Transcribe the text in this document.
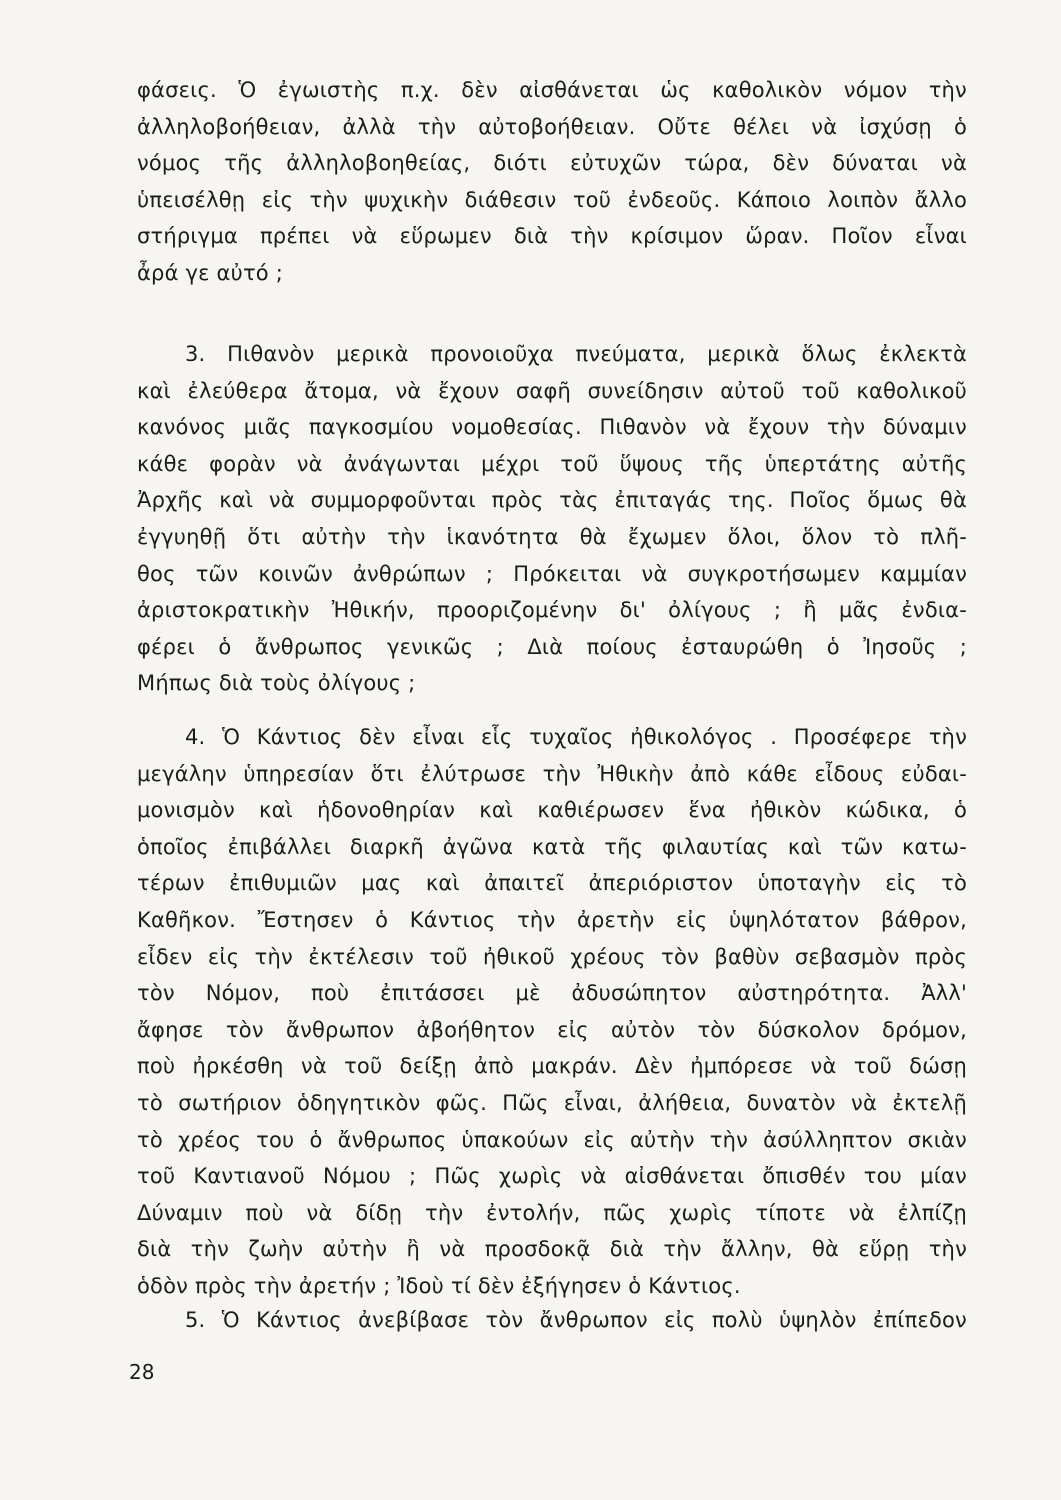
φάσεις. Ὁ ἐγωιστὴς π.χ. δὲν αἰσθάνεται ὡς καθολικὸν νόμον τὴν
ἀλληλοβοήθειαν, ἀλλὰ τὴν αὐτοβοήθειαν. Οὔτε θέλει νὰ ἰσχύσῃ ὁ
νόμος τῆς ἀλληλοβοηθείας, διότι εὐτυχῶν τώρα, δὲν δύναται νὰ
ὑπεισέλθῃ εἰς τὴν ψυχικὴν διάθεσιν τοῦ ἐνδεοῦς. Κάποιο λοιπὸν ἄλλο
στήριγμα πρέπει νὰ εὕρωμεν διὰ τὴν κρίσιμον ὥραν. Ποῖον εἶναι
ἆρά γε αὐτό ;
3. Πιθανὸν μερικὰ προνοιοῦχα πνεύματα, μερικὰ ὅλως ἐκλεκτὰ
καὶ ἐλεύθερα ἄτομα, νὰ ἔχουν σαφῆ συνείδησιν αὐτοῦ τοῦ καθολικοῦ
κανόνος μιᾶς παγκοσμίου νομοθεσίας. Πιθανὸν νὰ ἔχουν τὴν δύναμιν
κάθε φορὰν νὰ ἀνάγωνται μέχρι τοῦ ὕψους τῆς ὑπερτάτης αὐτῆς
Ἀρχῆς καὶ νὰ συμμορφοῦνται πρὸς τὰς ἐπιταγάς της. Ποῖος ὅμως θὰ
ἐγγυηθῇ ὅτι αὐτὴν τὴν ἱκανότητα θὰ ἔχωμεν ὅλοι, ὅλον τὸ πλῆ-
θος τῶν κοινῶν ἀνθρώπων ; Πρόκειται νὰ συγκροτήσωμεν καμμίαν
ἀριστοκρατικὴν Ἠθικήν, προοριζομένην δι' ὀλίγους ; ἢ μᾶς ἐνδια-
φέρει ὁ ἄνθρωπος γενικῶς ; Διὰ ποίους ἐσταυρώθη ὁ Ἰησοῦς ;
Μήπως διὰ τοὺς ὀλίγους ;
4. Ὁ Κάντιος δὲν εἶναι εἷς τυχαῖος ἠθικολόγος . Προσέφερε τὴν
μεγάλην ὑπηρεσίαν ὅτι ἐλύτρωσε τὴν Ἠθικὴν ἀπὸ κάθε εἶδους εὐδαι-
μονισμὸν καὶ ἡδονοθηρίαν καὶ καθιέρωσεν ἕνα ἠθικὸν κώδικα, ὁ
ὁποῖος ἐπιβάλλει διαρκῆ ἀγῶνα κατὰ τῆς φιλαυτίας καὶ τῶν κατω-
τέρων ἐπιθυμιῶν μας καὶ ἀπαιτεῖ ἀπεριόριστον ὑποταγὴν εἰς τὸ
Καθῆκον. Ἔστησεν ὁ Κάντιος τὴν ἀρετὴν εἰς ὑψηλότατον βάθρον,
εἶδεν εἰς τὴν ἐκτέλεσιν τοῦ ἠθικοῦ χρέους τὸν βαθὺν σεβασμὸν πρὸς
τὸν Νόμον, ποὺ ἐπιτάσσει μὲ ἀδυσώπητον αὐστηρότητα. Ἀλλ'
ἄφησε τὸν ἄνθρωπον ἀβοήθητον εἰς αὐτὸν τὸν δύσκολον δρόμον,
ποὺ ἠρκέσθη νὰ τοῦ δείξῃ ἀπὸ μακράν. Δὲν ἠμπόρεσε νὰ τοῦ δώσῃ
τὸ σωτήριον ὁδηγητικὸν φῶς. Πῶς εἶναι, ἀλήθεια, δυνατὸν νὰ ἐκτελῇ
τὸ χρέος του ὁ ἄνθρωπος ὑπακούων εἰς αὐτὴν τὴν ἀσύλληπτον σκιὰν
τοῦ Καντιανοῦ Νόμου ; Πῶς χωρὶς νὰ αἰσθάνεται ὄπισθέν του μίαν
Δύναμιν ποὺ νὰ δίδῃ τὴν ἐντολήν, πῶς χωρὶς τίποτε νὰ ἐλπίζῃ
διὰ τὴν ζωὴν αὐτὴν ἢ νὰ προσδοκᾷ διὰ τὴν ἄλλην, θὰ εὕρῃ τὴν
ὁδὸν πρὸς τὴν ἀρετήν ; Ἰδοὺ τί δὲν ἐξήγησεν ὁ Κάντιος.
5. Ὁ Κάντιος ἀνεβίβασε τὸν ἄνθρωπον εἰς πολὺ ὑψηλὸν ἐπίπεδον
28
